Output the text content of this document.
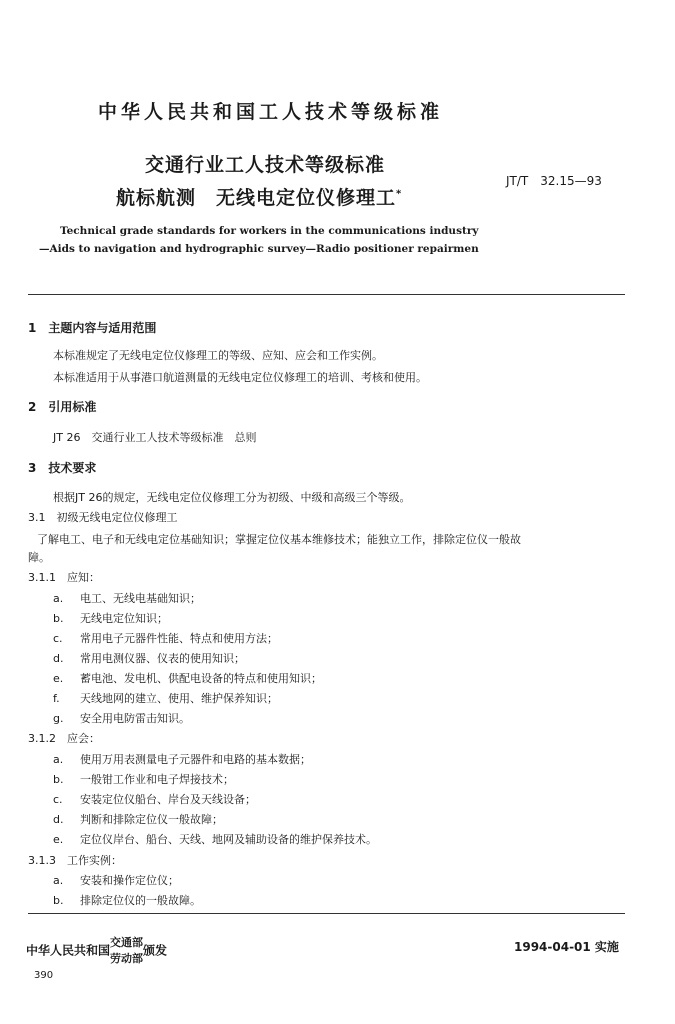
中华人民共和国工人技术等级标准
交通行业工人技术等级标准
航标航测　无线电定位仪修理工*
JT/T　32.15—93
Technical grade standards for workers in the communications industry
—Aids to navigation and hydrographic survey—Radio positioner repairmen
1　主题内容与适用范围
本标准规定了无线电定位仪修理工的等级、应知、应会和工作实例。
本标准适用于从事港口航道测量的无线电定位仪修理工的培训、考核和使用。
2　引用标准
JT 26　交通行业工人技术等级标准　总则
3　技术要求
根据JT 26的规定，无线电定位仪修理工分为初级、中级和高级三个等级。
3.1　初级无线电定位仪修理工
了解电工、电子和无线电定位基础知识；掌握定位仪基本维修技术；能独立工作，排除定位仪一般故
障。
3.1.1　应知：
a. 电工、无线电基础知识；
b. 无线电定位知识；
c. 常用电子元器件性能、特点和使用方法；
d. 常用电测仪器、仪表的使用知识；
e. 蓄电池、发电机、供配电设备的特点和使用知识；
f. 天线地网的建立、使用、维护保养知识；
g. 安全用电防雷击知识。
3.1.2　应会：
a. 使用万用表测量电子元器件和电路的基本数据；
b. 一般钳工作业和电子焊接技术；
c. 安装定位仪船台、岸台及天线设备；
d. 判断和排除定位仪一般故障；
e. 定位仪岸台、船台、天线、地网及辅助设备的维护保养技术。
3.1.3　工作实例：
a. 安装和操作定位仪；
b. 排除定位仪的一般故障。
中华人民共和国
交通部
劳动部
颁发	1994-04-01 实施
390
